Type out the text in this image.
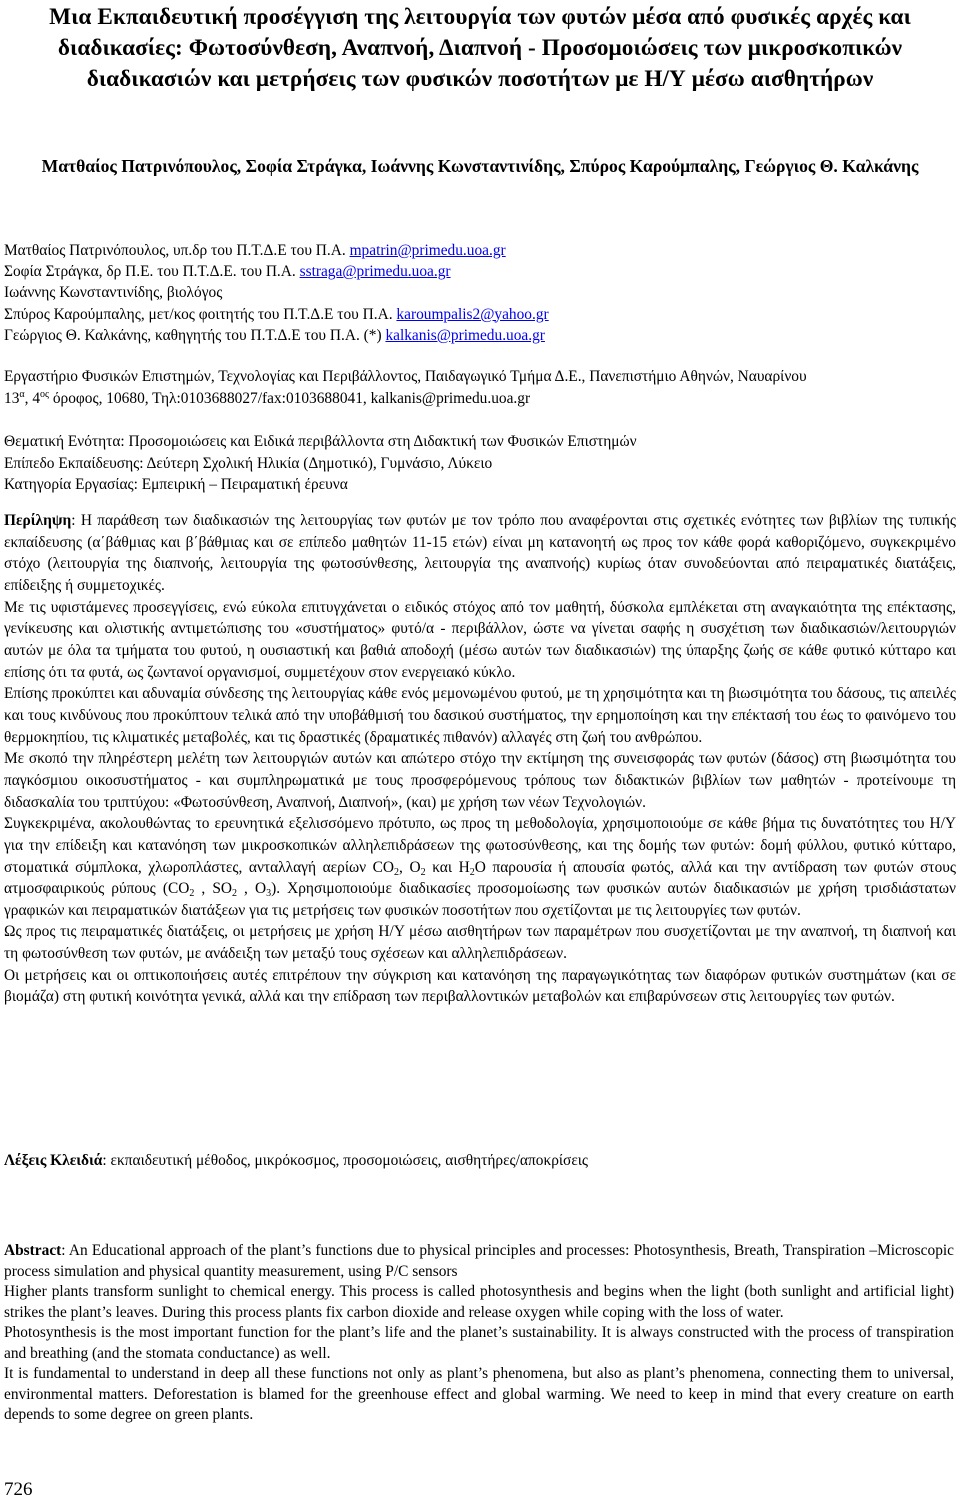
Μια Εκπαιδευτική προσέγγιση της λειτουργία των φυτών μέσα από φυσικές αρχές και διαδικασίες: Φωτοσύνθεση, Αναπνοή, Διαπνοή - Προσομοιώσεις των μικροσκοπικών διαδικασιών και μετρήσεις των φυσικών ποσοτήτων με Η/Υ μέσω αισθητήρων
Ματθαίος Πατρινόπουλος, Σοφία Στράγκα, Ιωάννης Κωνσταντινίδης, Σπύρος Καρούμπαλης, Γεώργιος Θ. Καλκάνης
Ματθαίος Πατρινόπουλος, υπ.δρ του Π.Τ.Δ.Ε του Π.Α. mpatrin@primedu.uoa.gr
Σοφία Στράγκα, δρ Π.Ε. του Π.Τ.Δ.Ε. του Π.Α. sstraga@primedu.uoa.gr
Ιωάννης Κωνσταντινίδης, βιολόγος
Σπύρος Καρούμπαλης, μετ/κος φοιτητής του Π.Τ.Δ.Ε του Π.Α. karoumpalis2@yahoo.gr
Γεώργιος Θ. Καλκάνης, καθηγητής του Π.Τ.Δ.Ε του Π.Α. (*) kalkanis@primedu.uoa.gr
Εργαστήριο Φυσικών Επιστημών, Τεχνολογίας και Περιβάλλοντος, Παιδαγωγικό Τμήμα Δ.Ε., Πανεπιστήμιο Αθηνών, Ναυαρίνου
$13^\alpha$, $4^{o\varsigma}$ όροφος, 10680, Τηλ:0103688027/fax:0103688041, kalkanis@primedu.uoa.gr
Θεματική Ενότητα: Προσομοιώσεις και Ειδικά περιβάλλοντα στη Διδακτική των Φυσικών Επιστημών
Επίπεδο Εκπαίδευσης: Δεύτερη Σχολική Ηλικία (Δημοτικό), Γυμνάσιο, Λύκειο
Κατηγορία Εργασίας: Εμπειρική – Πειραματική έρευνα

Περίληψη: Η παράθεση των διαδικασιών της λειτουργίας των φυτών με τον τρόπο που αναφέρονται στις σχετικές ενότητες των βιβλίων της τυπικής εκπαίδευσης (α΄βάθμιας και β΄βάθμιας και σε επίπεδο μαθητών 11-15 ετών) είναι μη κατανοητή ως προς τον κάθε φορά καθοριζόμενο, συγκεκριμένο στόχο (λειτουργία της διαπνοής, λειτουργία της φωτοσύνθεσης, λειτουργία της αναπνοής) κυρίως όταν συνοδεύονται από πειραματικές διατάξεις, επίδειξης ή συμμετοχικές.

Με τις υφιστάμενες προσεγγίσεις, ενώ εύκολα επιτυγχάνεται ο ειδικός στόχος από τον μαθητή, δύσκολα εμπλέκεται στη αναγκαιότητα της επέκτασης, γενίκευσης και ολιστικής αντιμετώπισης του «συστήματος» φυτό/α - περιβάλλον, ώστε να γίνεται σαφής η συσχέτιση των διαδικασιών/λειτουργιών αυτών με όλα τα τμήματα του φυτού, η ουσιαστική και βαθιά αποδοχή (μέσω αυτών των διαδικασιών) της ύπαρξης ζωής σε κάθε φυτικό κύτταρο και επίσης ότι τα φυτά, ως ζωντανοί οργανισμοί, συμμετέχουν στον ενεργειακό κύκλο.

Επίσης προκύπτει και αδυναμία σύνδεσης της λειτουργίας κάθε ενός μεμονωμένου φυτού, με τη χρησιμότητα και τη βιωσιμότητα του δάσους, τις απειλές και τους κινδύνους που προκύπτουν τελικά από την υποβάθμισή του δασικού συστήματος, την ερημοποίηση και την επέκτασή του έως το φαινόμενο του θερμοκηπίου, τις κλιματικές μεταβολές, και τις δραστικές (δραματικές πιθανόν) αλλαγές στη ζωή του ανθρώπου.

Με σκοπό την πληρέστερη μελέτη των λειτουργιών αυτών και απώτερο στόχο την εκτίμηση της συνεισφοράς των φυτών (δάσος) στη βιωσιμότητα του παγκόσμιου οικοσυστήματος - και συμπληρωματικά με τους προσφερόμενους τρόπους των διδακτικών βιβλίων των μαθητών - προτείνουμε τη διδασκαλία του τριπτύχου: «Φωτοσύνθεση, Αναπνοή, Διαπνοή», (και) με χρήση των νέων Τεχνολογιών.

Συγκεκριμένα, ακολουθώντας το ερευνητικά εξελισσόμενο πρότυπο, ως προς τη μεθοδολογία, χρησιμοποιούμε σε κάθε βήμα τις δυνατότητες του Η/Υ για την επίδειξη και κατανόηση των μικροσκοπικών αλληλεπιδράσεων της φωτοσύνθεσης, και της δομής των φυτών: δομή φύλλου, φυτικό κύτταρο, στοματικά σύμπλοκα, χλωροπλάστες, ανταλλαγή αερίων $CO_2$, $O_2$ και $H_2O$ παρουσία ή απουσία φωτός, αλλά και την αντίδραση των φυτών στους ατμοσφαιρικούς ρύπους ($CO_2$ , $SO_2$ , $O_3$). Χρησιμοποιούμε διαδικασίες προσομοίωσης των φυσικών αυτών διαδικασιών με χρήση τρισδιάστατων γραφικών και πειραματικών διατάξεων για τις μετρήσεις των φυσικών ποσοτήτων που σχετίζονται με τις λειτουργίες των φυτών.

Ως προς τις πειραματικές διατάξεις, οι μετρήσεις με χρήση Η/Υ μέσω αισθητήρων των παραμέτρων που συσχετίζονται με την αναπνοή, τη διαπνοή και τη φωτοσύνθεση των φυτών, με ανάδειξη των μεταξύ τους σχέσεων και αλληλεπιδράσεων.

Οι μετρήσεις και οι οπτικοποιήσεις αυτές επιτρέπουν την σύγκριση και κατανόηση της παραγωγικότητας των διαφόρων φυτικών συστημάτων (και σε βιομάζα) στη φυτική κοινότητα γενικά, αλλά και την επίδραση των περιβαλλοντικών μεταβολών και επιβαρύνσεων στις λειτουργίες των φυτών.

Λέξεις Κλειδιά: εκπαιδευτική μέθοδος, μικρόκοσμος, προσομοιώσεις, αισθητήρες/αποκρίσεις

Abstract: An Educational approach of the plant’s functions due to physical principles and processes: Photosynthesis, Breath, Transpiration –Microscopic process simulation and physical quantity measurement, using P/C sensors

Higher plants transform sunlight to chemical energy. This process is called photosynthesis and begins when the light (both sunlight and artificial light) strikes the plant’s leaves. During this process plants fix carbon dioxide and release oxygen while coping with the loss of water.

Photosynthesis is the most important function for the plant’s life and the planet’s sustainability. It is always constructed with the process of transpiration and breathing (and the stomata conductance) as well.

It is fundamental to understand in deep all these functions not only as plant’s phenomena, but also as plant’s phenomena, connecting them to universal, environmental matters. Deforestation is blamed for the greenhouse effect and global warming. We need to keep in mind that every creature on earth depends to some degree on green plants.

726
